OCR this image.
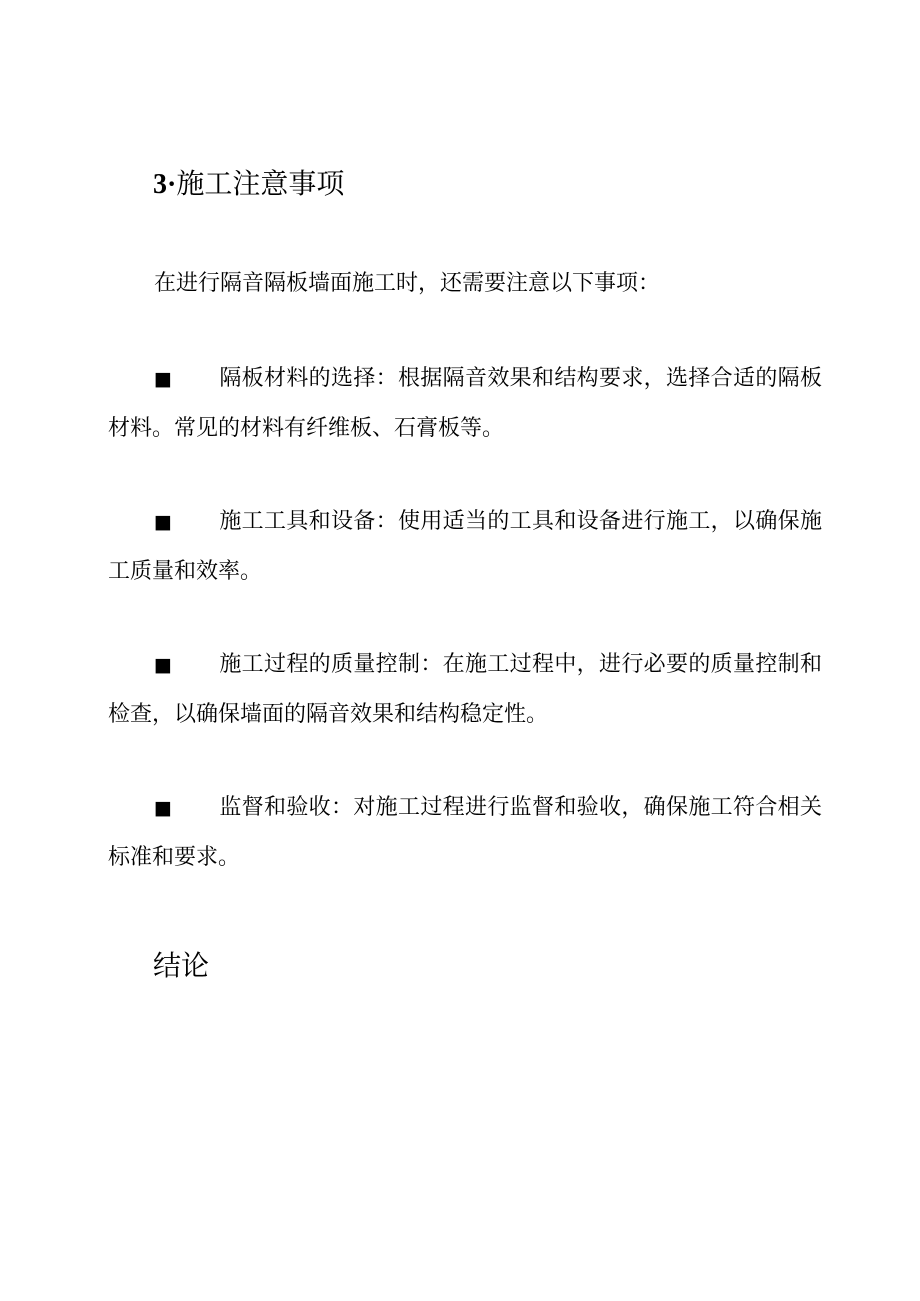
3·施工注意事项

在进行隔音隔板墙面施工时，还需要注意以下事项：

■ 隔板材料的选择：根据隔音效果和结构要求，选择合适的隔板材料。常见的材料有纤维板、石膏板等。

■ 施工工具和设备：使用适当的工具和设备进行施工，以确保施工质量和效率。

■ 施工过程的质量控制：在施工过程中，进行必要的质量控制和检查，以确保墙面的隔音效果和结构稳定性。

■ 监督和验收：对施工过程进行监督和验收，确保施工符合相关标准和要求。

结论
